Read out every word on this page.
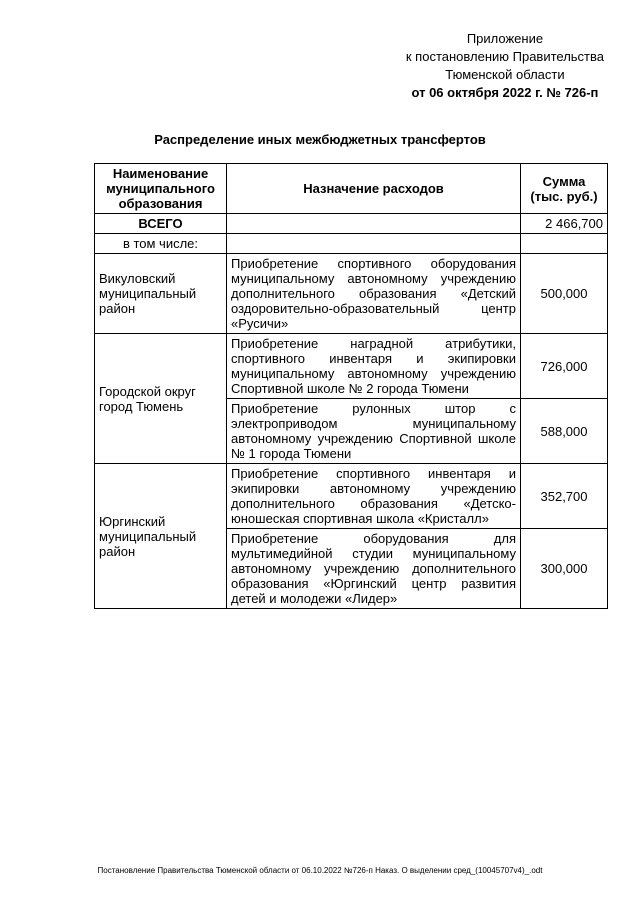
Приложение
к постановлению Правительства
Тюменской области
от 06 октября 2022 г. № 726-п
Распределение иных межбюджетных трансфертов
Наименование муниципального образования	Назначение расходов	Сумма (тыс. руб.)
ВСЕГО		2 466,700
в том числе:		
Викуловский муниципальный район	Приобретение спортивного оборудования муниципальному автономному учреждению дополнительного образования «Детский оздоровительно-образовательный центр «Русичи»	500,000
Городской округ город Тюмень	Приобретение наградной атрибутики, спортивного инвентаря и экипировки муниципальному автономному учреждению Спортивной школе № 2 города Тюмени	726,000
	Приобретение рулонных штор с электроприводом муниципальному автономному учреждению Спортивной школе № 1 города Тюмени	588,000
Юргинский муниципальный район	Приобретение спортивного инвентаря и экипировки автономному учреждению дополнительного образования «Детско-юношеская спортивная школа «Кристалл»	352,700
	Приобретение оборудования для мультимедийной студии муниципальному автономному учреждению дополнительного образования «Юргинский центр развития детей и молодежи «Лидер»	300,000
Постановление Правительства Тюменской области от 06.10.2022 №726-п Наказ. О выделении сред_(10045707v4)_.odt
